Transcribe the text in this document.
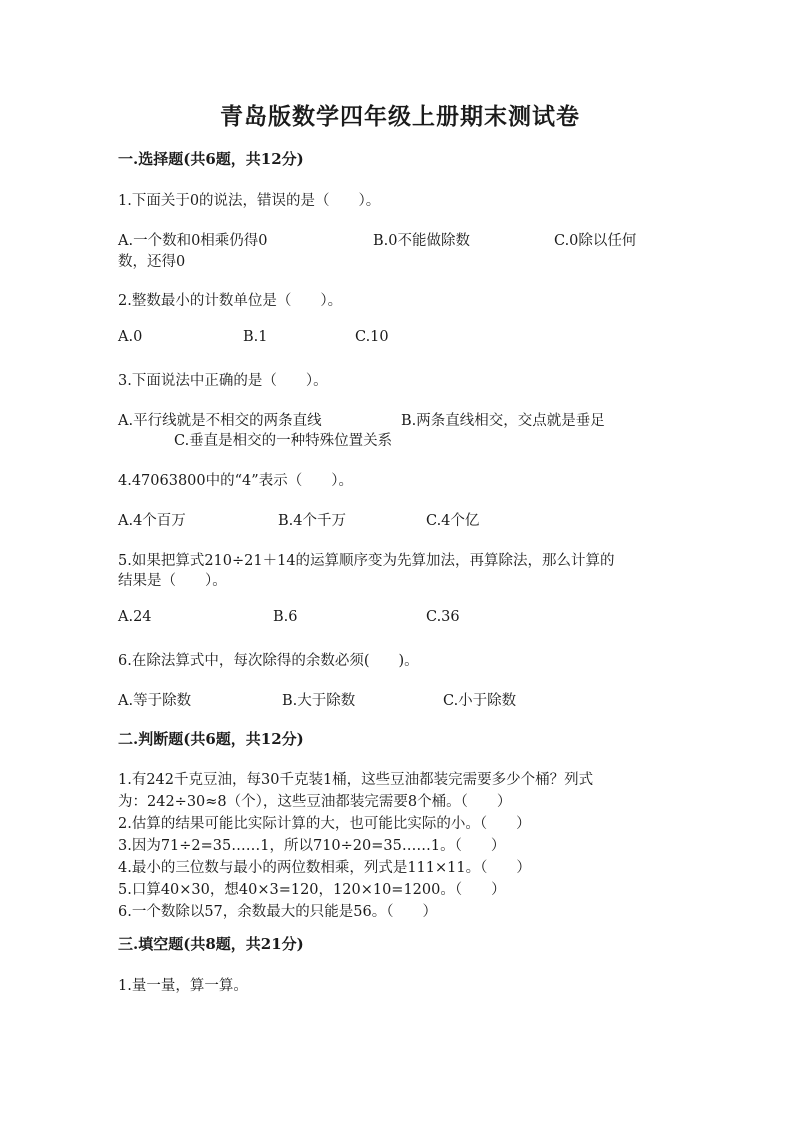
青岛版数学四年级上册期末测试卷
一.选择题(共6题，共12分)
1.下面关于0的说法，错误的是（　　）。
A.一个数和0相乘仍得0	B.0不能做除数	C.0除以任何
数，还得0
2.整数最小的计数单位是（　　）。
A.0	B.1	C.10
3.下面说法中正确的是（　　）。
A.平行线就是不相交的两条直线	B.两条直线相交，交点就是垂足
C.垂直是相交的一种特殊位置关系
4.47063800中的“4”表示（　　）。
A.4个百万	B.4个千万	C.4个亿
5.如果把算式210÷21＋14的运算顺序变为先算加法，再算除法，那么计算的
结果是（　　）。
A.24	B.6	C.36
6.在除法算式中，每次除得的余数必须(　　)。
A.等于除数	B.大于除数	C.小于除数
二.判断题(共6题，共12分)
1.有242千克豆油，每30千克装1桶，这些豆油都装完需要多少个桶？列式
为：242÷30≈8（个），这些豆油都装完需要8个桶。（　　）
2.估算的结果可能比实际计算的大，也可能比实际的小。（　　）
3.因为71÷2=35……1，所以710÷20=35……1。（　　）
4.最小的三位数与最小的两位数相乘，列式是111×11。（　　）
5.口算40×30，想40×3=120，120×10=1200。（　　）
6.一个数除以57，余数最大的只能是56。（　　）
三.填空题(共8题，共21分)
1.量一量，算一算。
